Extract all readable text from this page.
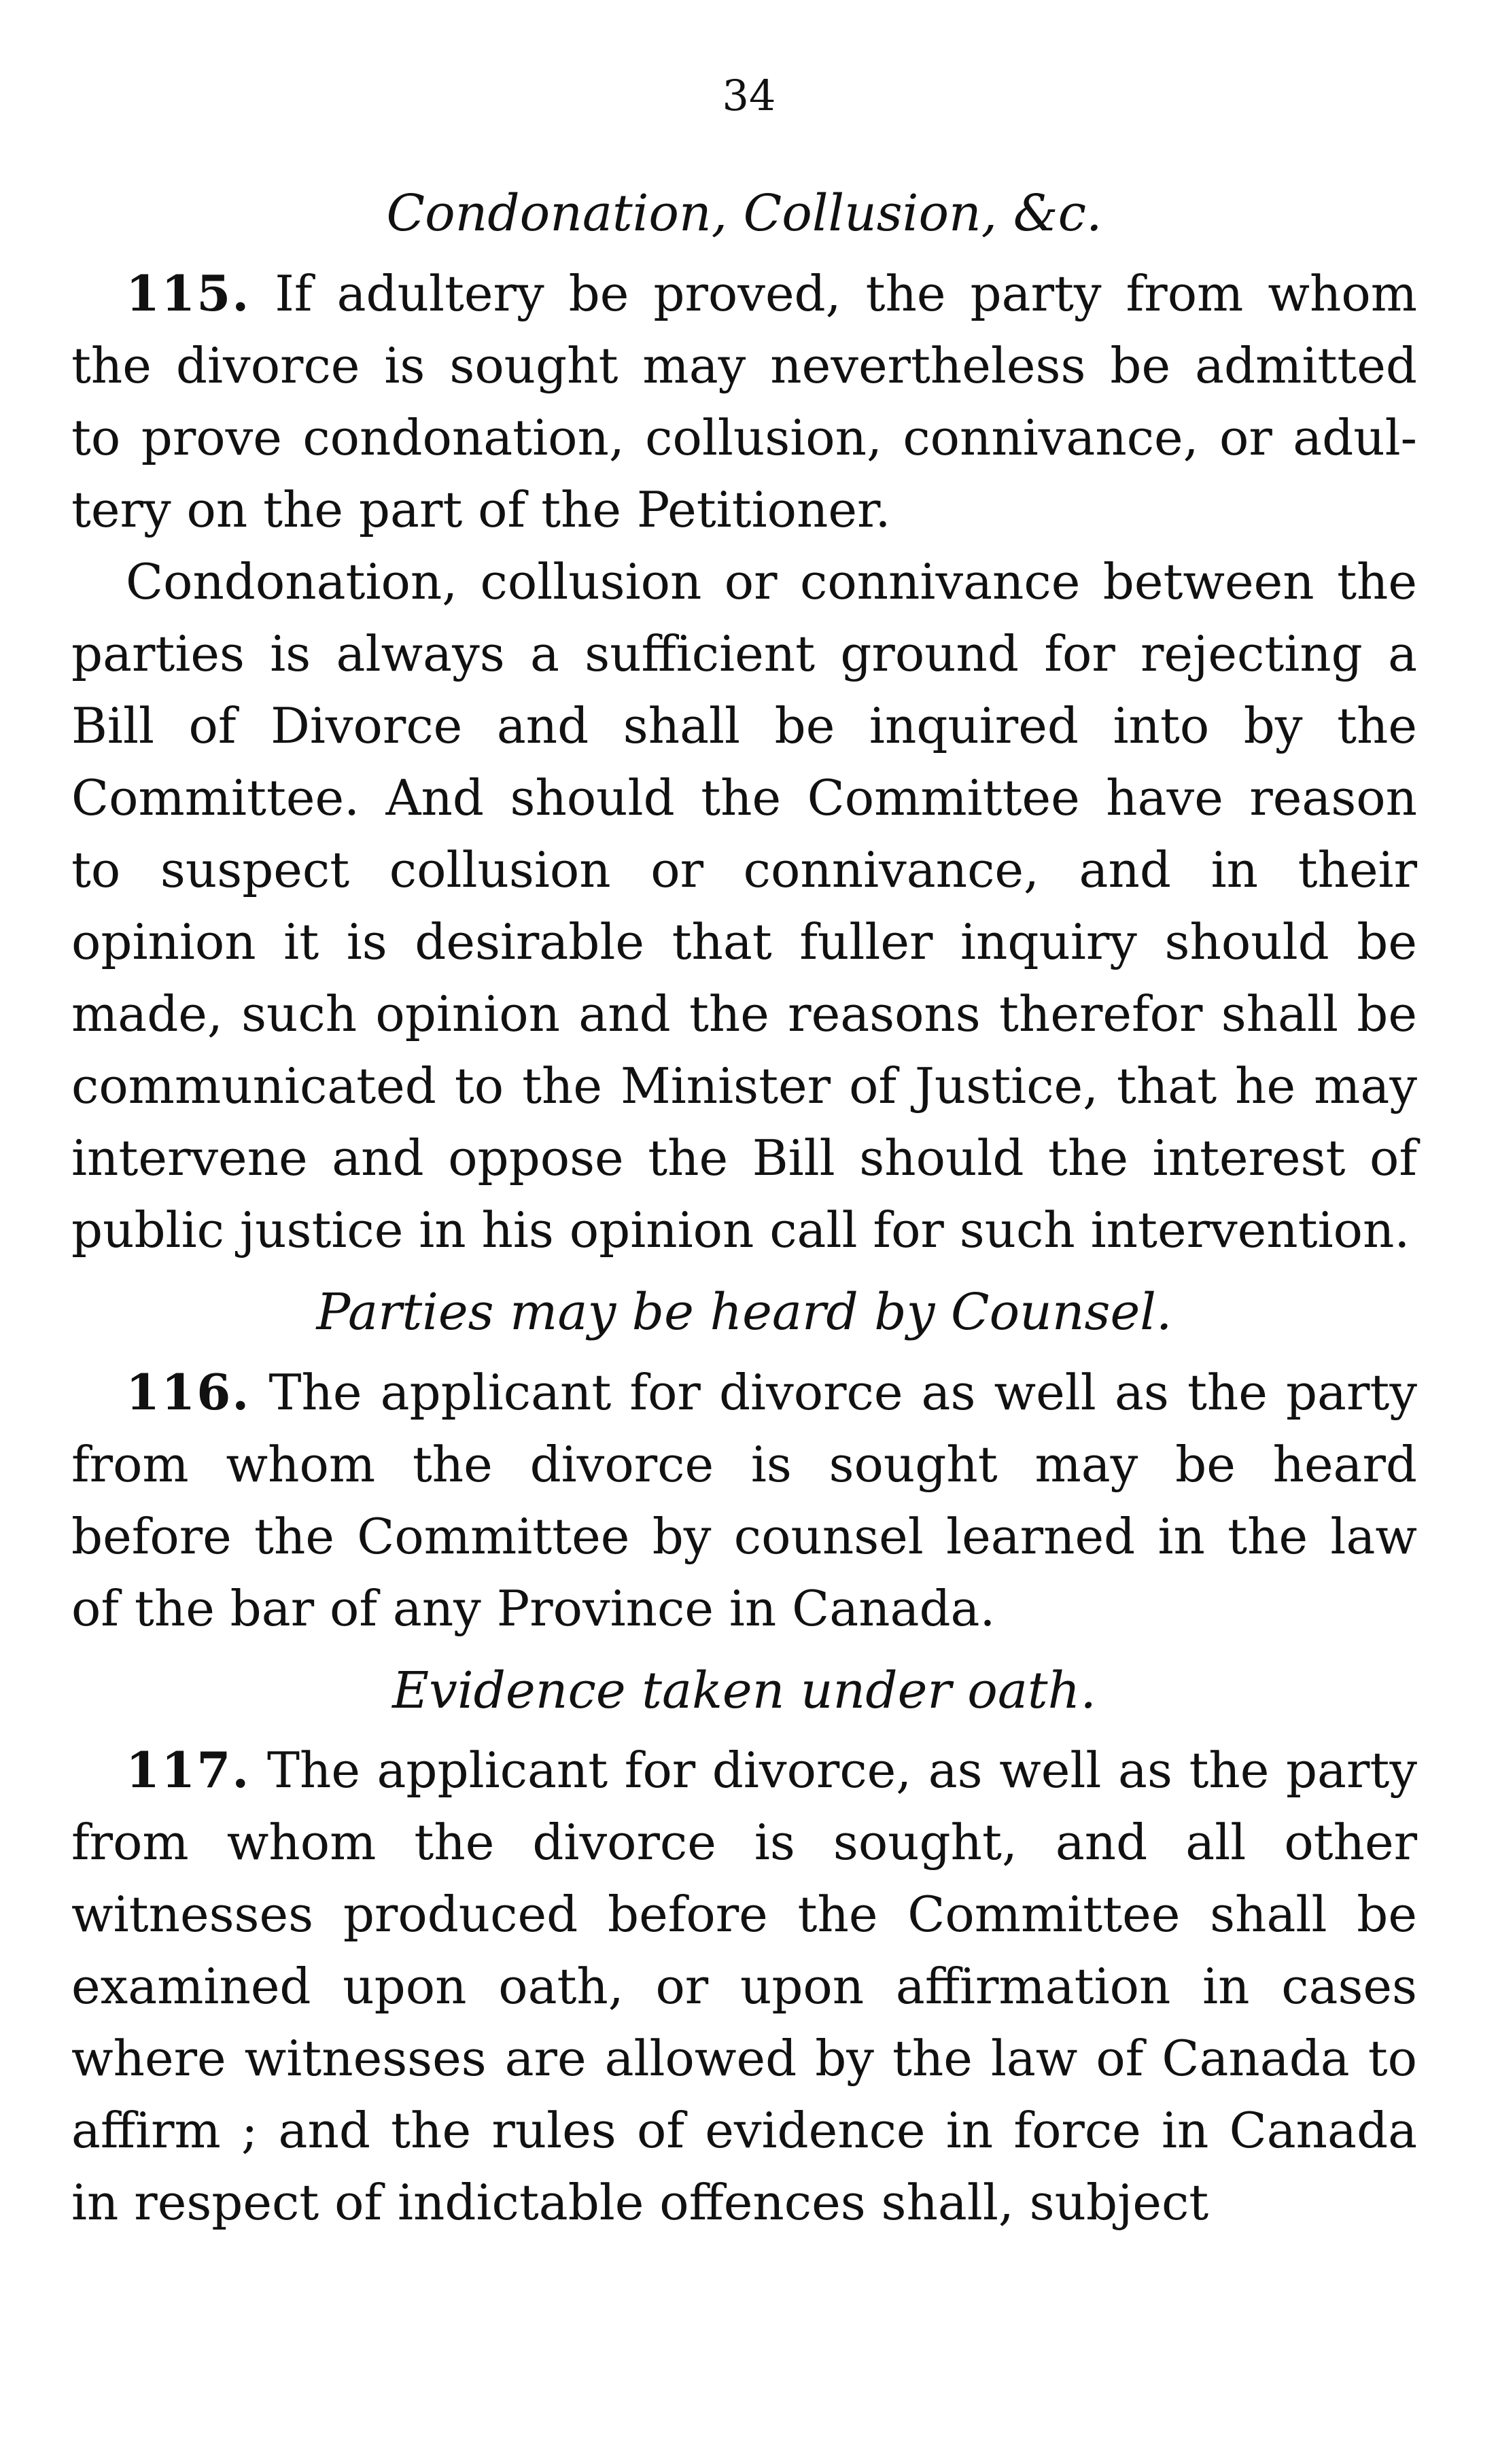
34
Condonation, Collusion, &c.

115. If adultery be proved, the party from whom the divorce is sought may nevertheless be admitted to prove condonation, collusion, connivance, or adul-tery on the part of the Petitioner.

Condonation, collusion or connivance between the parties is always a sufficient ground for rejecting a Bill of Divorce and shall be inquired into by the Committee. And should the Committee have reason to suspect collusion or connivance, and in their opinion it is desirable that fuller inquiry should be made, such opinion and the reasons therefor shall be communicated to the Minister of Justice, that he may intervene and oppose the Bill should the interest of public justice in his opinion call for such intervention.

Parties may be heard by Counsel.

116. The applicant for divorce as well as the party from whom the divorce is sought may be heard before the Committee by counsel learned in the law of the bar of any Province in Canada.

Evidence taken under oath.

117. The applicant for divorce, as well as the party from whom the divorce is sought, and all other witnesses produced before the Committee shall be examined upon oath, or upon affirmation in cases where witnesses are allowed by the law of Canada to affirm ; and the rules of evidence in force in Canada in respect of indictable offences shall, subject
